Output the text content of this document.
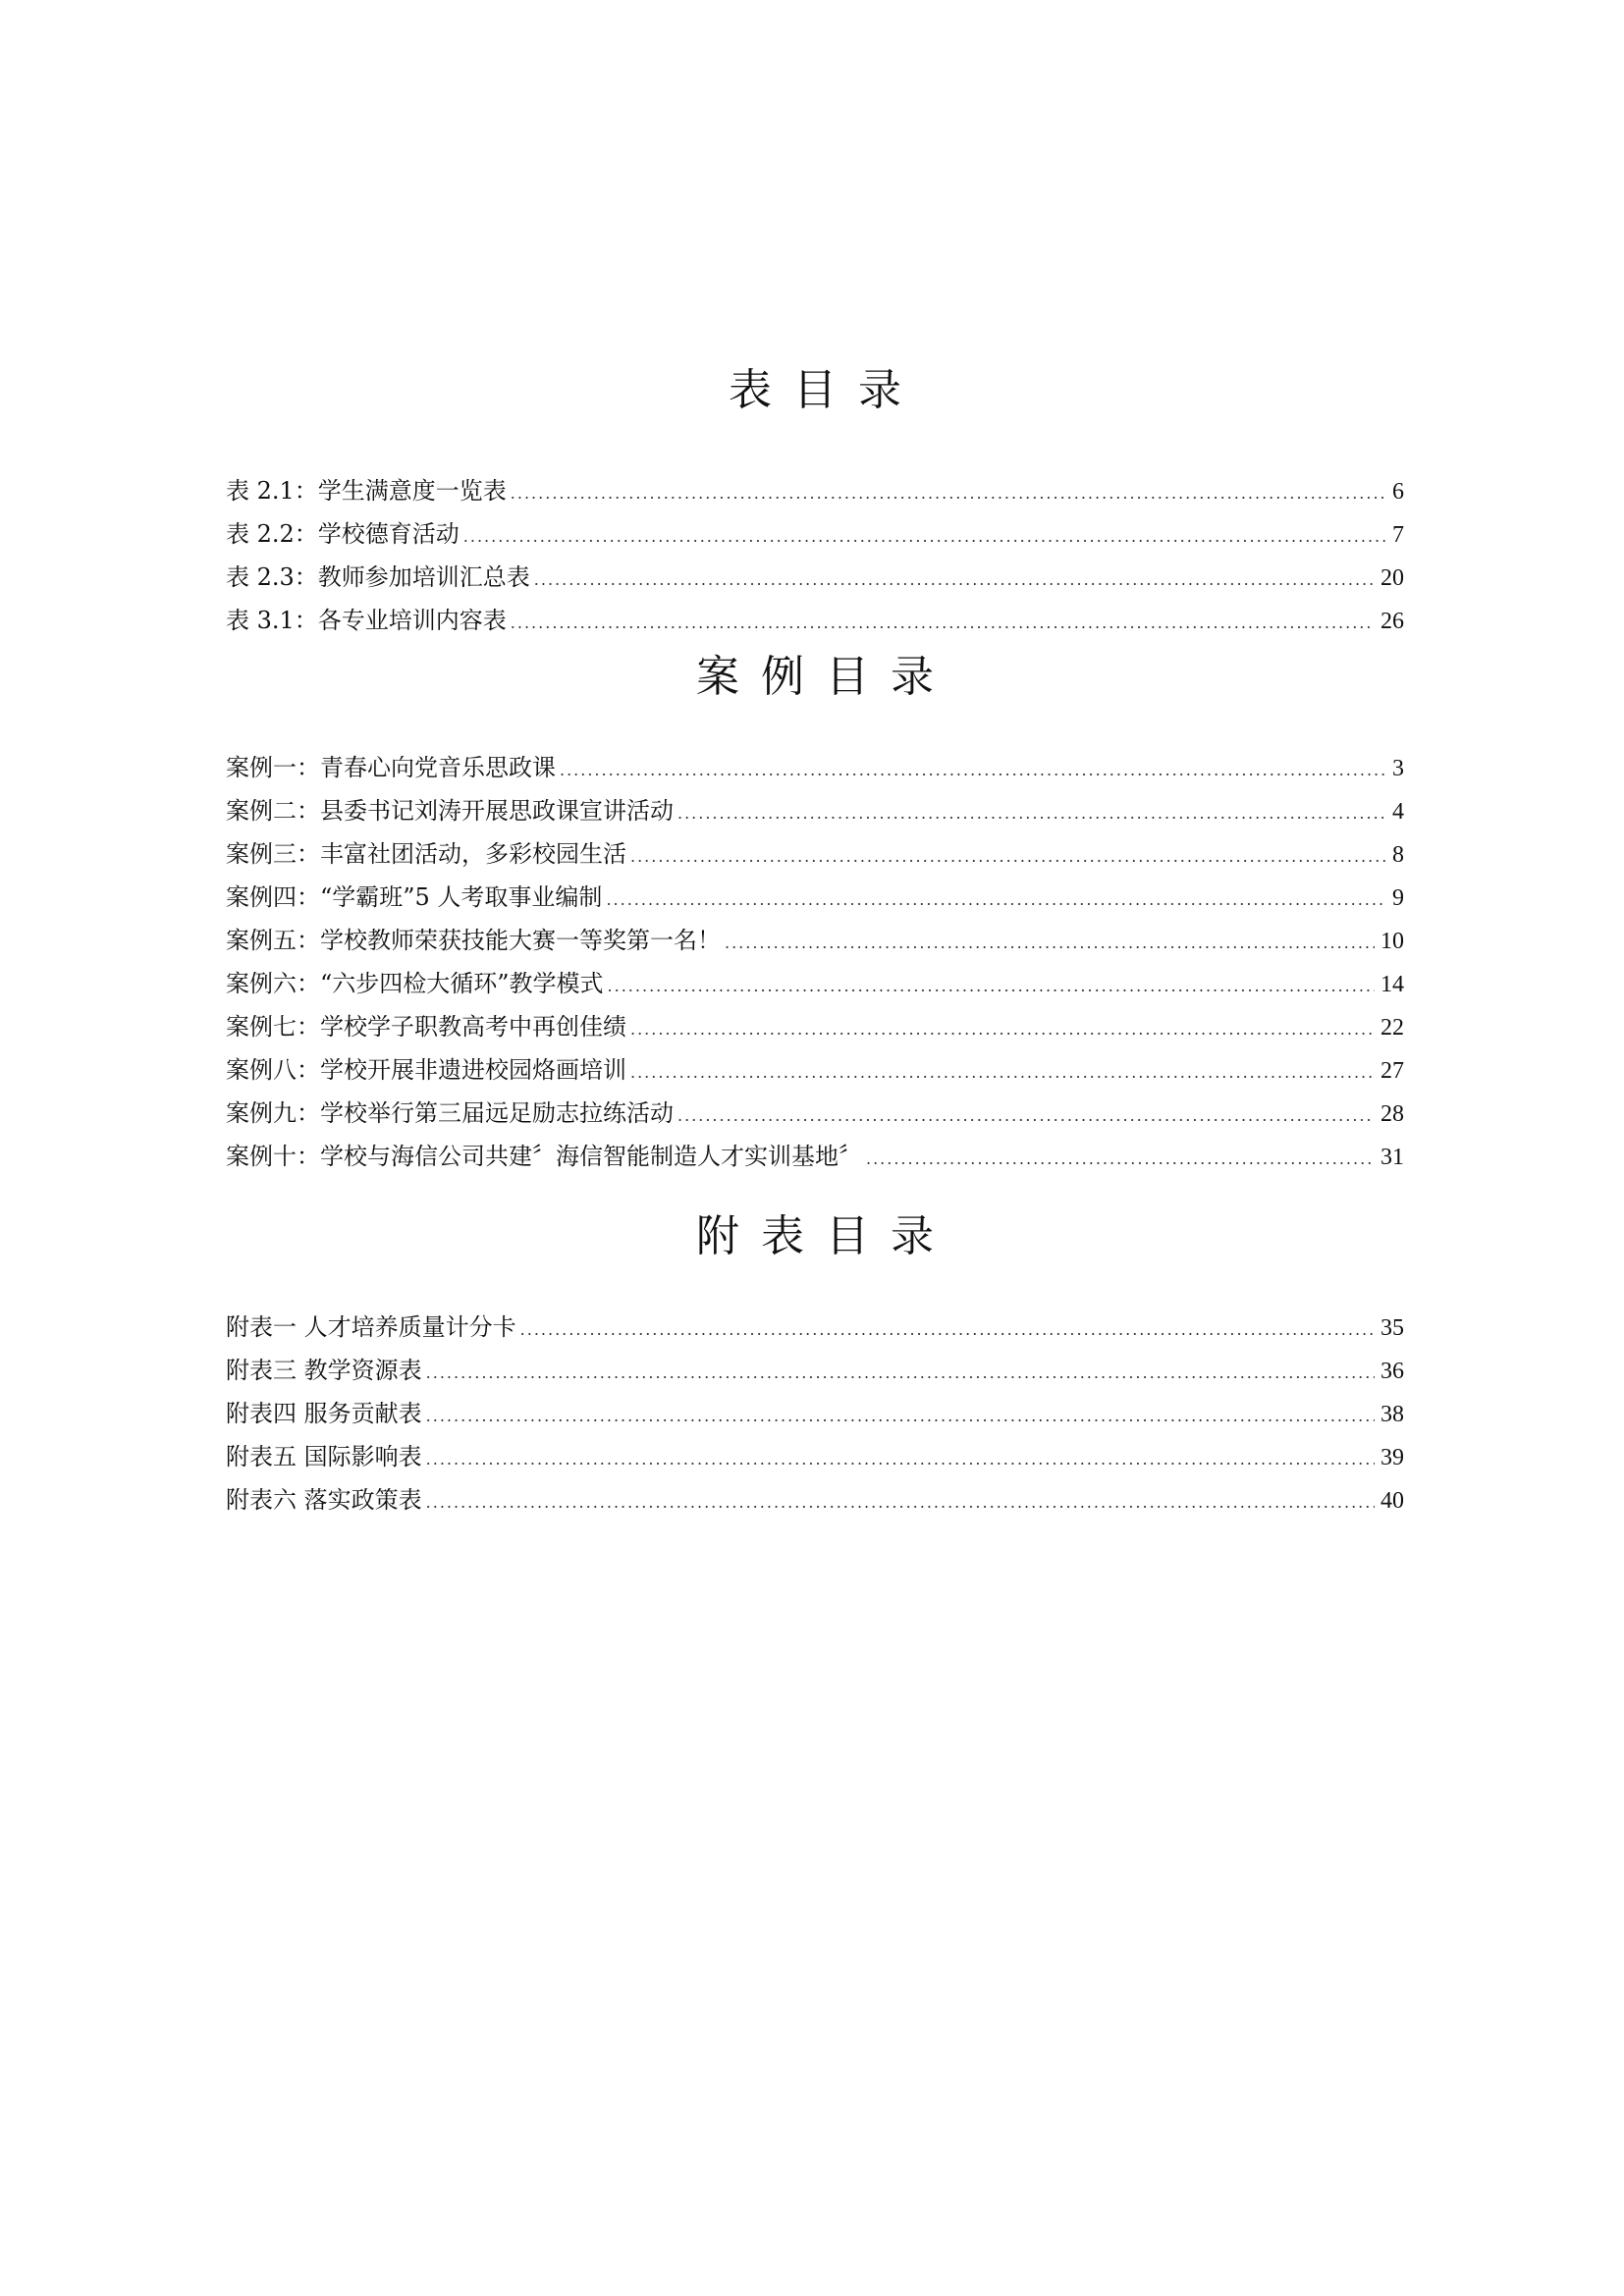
表目录
表 2.1：学生满意度一览表 .....	6
表 2.2：学校德育活动 .....	7
表 2.3：教师参加培训汇总表 .....	20
表 3.1：各专业培训内容表 .....	26
案例目录
案例一：青春心向党音乐思政课 .....	3
案例二：县委书记刘涛开展思政课宣讲活动 .....	4
案例三：丰富社团活动，多彩校园生活 .....	8
案例四：“学霸班”5 人考取事业编制 .....	9
案例五：学校教师荣获技能大赛一等奖第一名！ .....	10
案例六：“六步四检大循环”教学模式 .....	14
案例七：学校学子职教高考中再创佳绩 .....	22
案例八：学校开展非遗进校园烙画培训 .....	27
案例九：学校举行第三届远足励志拉练活动 .....	28
案例十：学校与海信公司共建〞海信智能制造人才实训基地〞 .....	31
附表目录
附表一 人才培养质量计分卡 .....	35
附表三 教学资源表 .....	36
附表四 服务贡献表 .....	38
附表五 国际影响表 .....	39
附表六 落实政策表 .....	40
